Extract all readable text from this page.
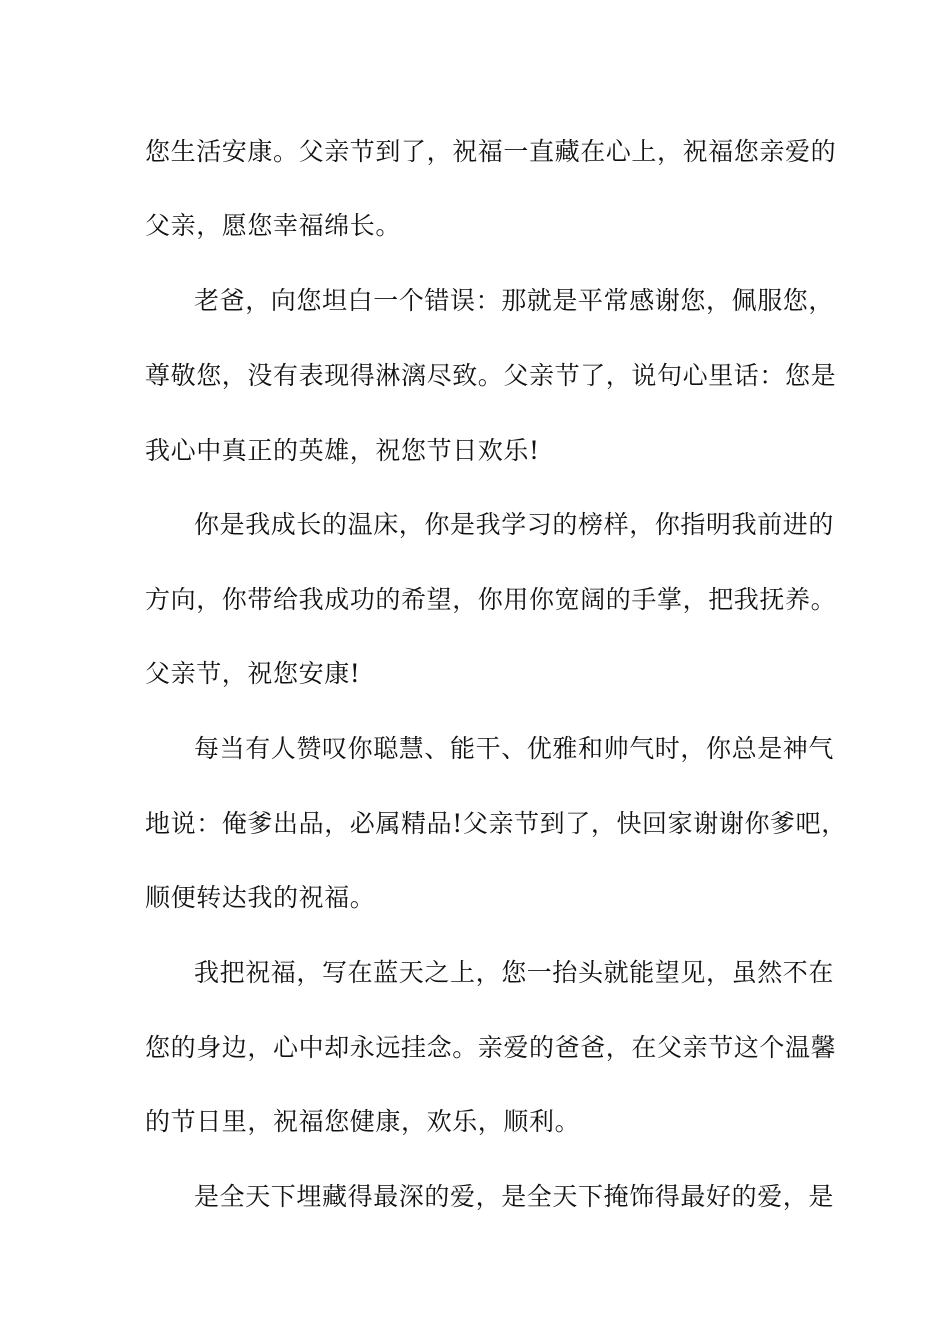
您生活安康。父亲节到了，祝福一直藏在心上，祝福您亲爱的
父亲，愿您幸福绵长。
老爸，向您坦白一个错误：那就是平常感谢您，佩服您，
尊敬您，没有表现得淋漓尽致。父亲节了，说句心里话：您是
我心中真正的英雄，祝您节日欢乐!
你是我成长的温床，你是我学习的榜样，你指明我前进的
方向，你带给我成功的希望，你用你宽阔的手掌，把我抚养。
父亲节，祝您安康!
每当有人赞叹你聪慧、能干、优雅和帅气时，你总是神气
地说：俺爹出品，必属精品!父亲节到了，快回家谢谢你爹吧，
顺便转达我的祝福。
我把祝福，写在蓝天之上，您一抬头就能望见，虽然不在
您的身边，心中却永远挂念。亲爱的爸爸，在父亲节这个温馨
的节日里，祝福您健康，欢乐，顺利。
是全天下埋藏得最深的爱，是全天下掩饰得最好的爱，是
